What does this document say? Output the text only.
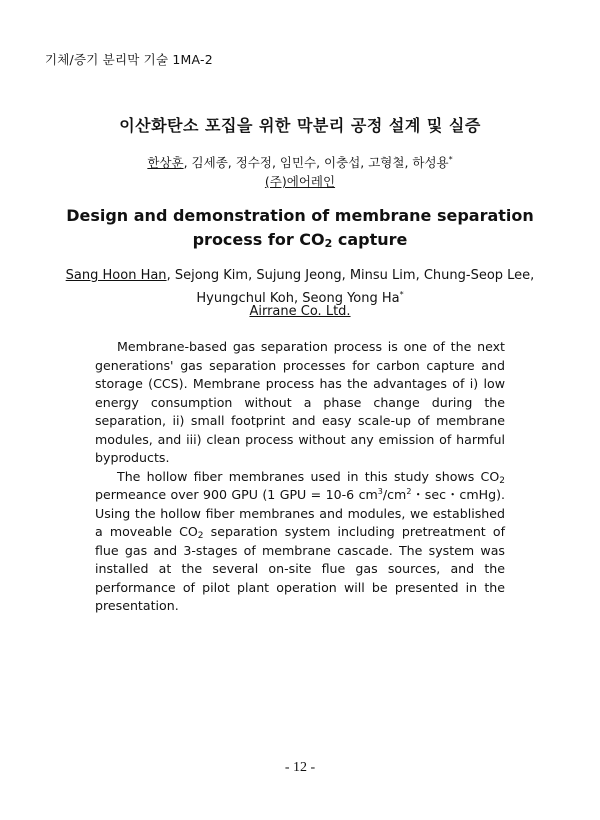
기체/증기 분리막 기술 1MA-2
이산화탄소 포집을 위한 막분리 공정 설계 및 실증
한상훈, 김세종, 정수정, 임민수, 이충섭, 고형철, 하성용*
(주)에어레인
Design and demonstration of membrane separation
process for $CO_2$ capture
Sang Hoon Han, Sejong Kim, Sujung Jeong, Minsu Lim, Chung-Seop Lee,
Hyungchul Koh, Seong Yong Ha*
Airrane Co. Ltd.

Membrane-based gas separation process is one of the next generations' gas separation processes for carbon capture and storage (CCS). Membrane process has the advantages of i) low energy consumption without a phase change during the separation, ii) small footprint and easy scale-up of membrane modules, and iii) clean process without any emission of harmful byproducts.

The hollow fiber membranes used in this study shows $CO_2$ permeance over 900 GPU (1 GPU = 10-6 $cm^3/cm^2$・sec・cmHg). Using the hollow fiber membranes and modules, we established a moveable $CO_2$ separation system including pretreatment of flue gas and 3-stages of membrane cascade. The system was installed at the several on-site flue gas sources, and the performance of pilot plant operation will be presented in the presentation.

- 12 -
